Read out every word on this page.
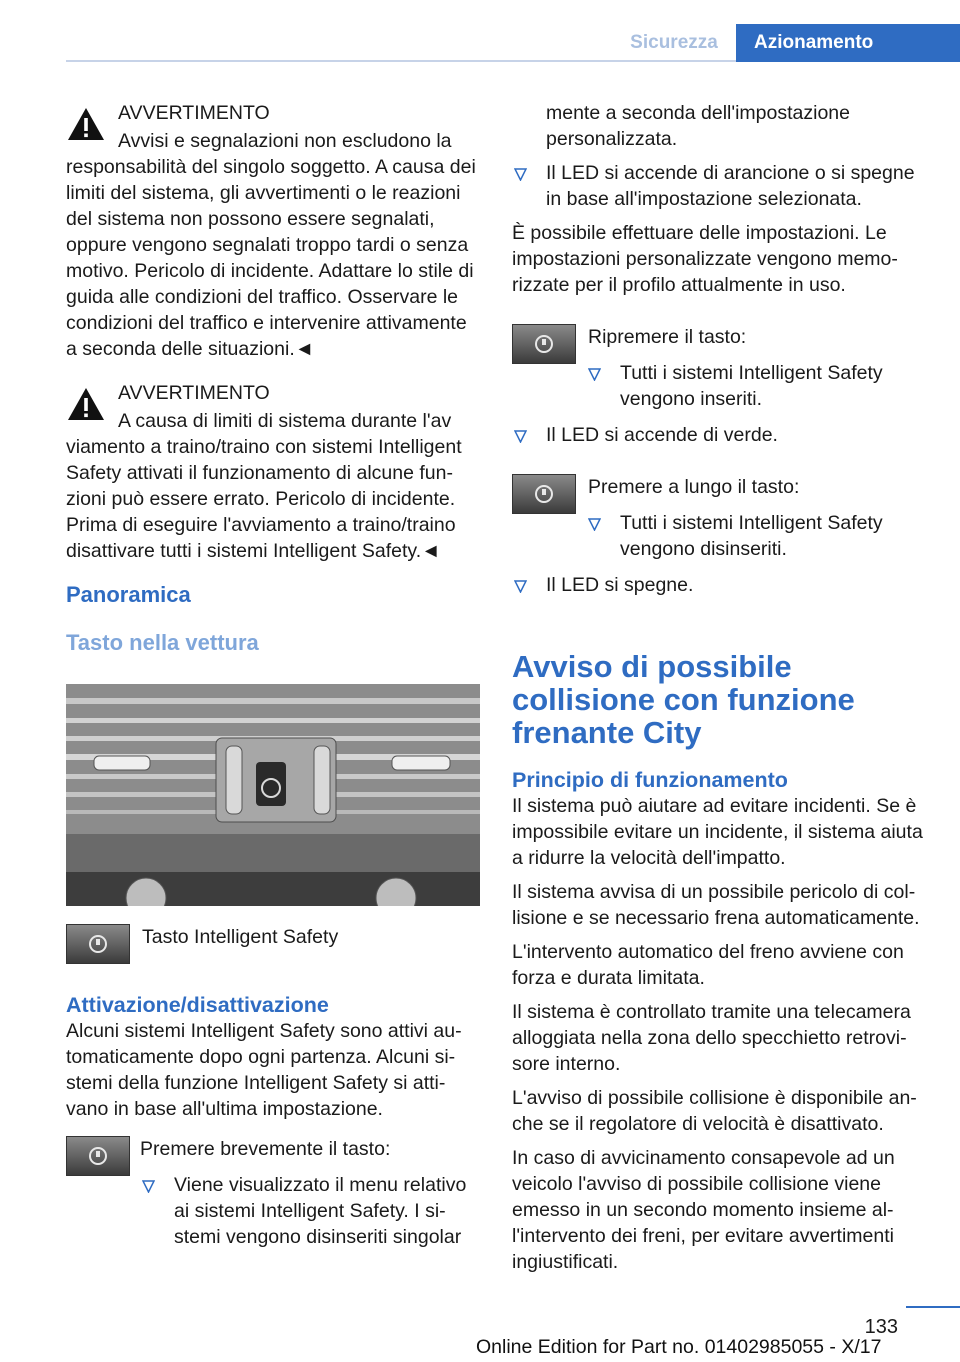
Sicurezza	Azionamento
AVVERTIMENTO
Avvisi e segnalazioni non escludono la
responsabilità del singolo soggetto. A causa dei limiti del sistema, gli avvertimenti o le reazioni del sistema non possono essere segnalati, oppure vengono segnalati troppo tardi o senza motivo. Pericolo di incidente. Adattare lo stile di guida alle condizioni del traffico. Osservare le condizioni del traffico e intervenire attivamente a seconda delle situazioni.◄
AVVERTIMENTO
A causa di limiti di sistema durante l'av
viamento a traino/traino con sistemi Intelligent Safety attivati il funzionamento di alcune funzioni può essere errato. Pericolo di incidente. Prima di eseguire l'avviamento a traino/traino disattivare tutti i sistemi Intelligent Safety.◄
Panoramica
Tasto nella vettura
Tasto Intelligent Safety
Attivazione/disattivazione

Alcuni sistemi Intelligent Safety sono attivi automaticamente dopo ogni partenza. Alcuni sistemi della funzione Intelligent Safety si attivano in base all'ultima impostazione.

Premere brevemente il tasto:
Viene visualizzato il menu relativo ai sistemi Intelligent Safety. I sistemi vengono disinseriti singolar

mente a seconda dell'impostazione personalizzata.

Il LED si accende di arancione o si spegne in base all'impostazione selezionata.

È possibile effettuare delle impostazioni. Le impostazioni personalizzate vengono memorizzate per il profilo attualmente in uso.

Ripremere il tasto:
Tutti i sistemi Intelligent Safety vengono inseriti.
Il LED si accende di verde.
Premere a lungo il tasto:
Tutti i sistemi Intelligent Safety vengono disinseriti.
Il LED si spegne.
Avviso di possibile collisione con funzione frenante City
Principio di funzionamento

Il sistema può aiutare ad evitare incidenti. Se è impossibile evitare un incidente, il sistema aiuta a ridurre la velocità dell'impatto.

Il sistema avvisa di un possibile pericolo di collisione e se necessario frena automaticamente.

L'intervento automatico del freno avviene con forza e durata limitata.

Il sistema è controllato tramite una telecamera alloggiata nella zona dello specchietto retrovisore interno.

L'avviso di possibile collisione è disponibile anche se il regolatore di velocità è disattivato.

In caso di avvicinamento consapevole ad un veicolo l'avviso di possibile collisione viene emesso in un secondo momento insieme all'intervento dei freni, per evitare avvertimenti ingiustificati.

133
Online Edition for Part no. 01402985055 - X/17
